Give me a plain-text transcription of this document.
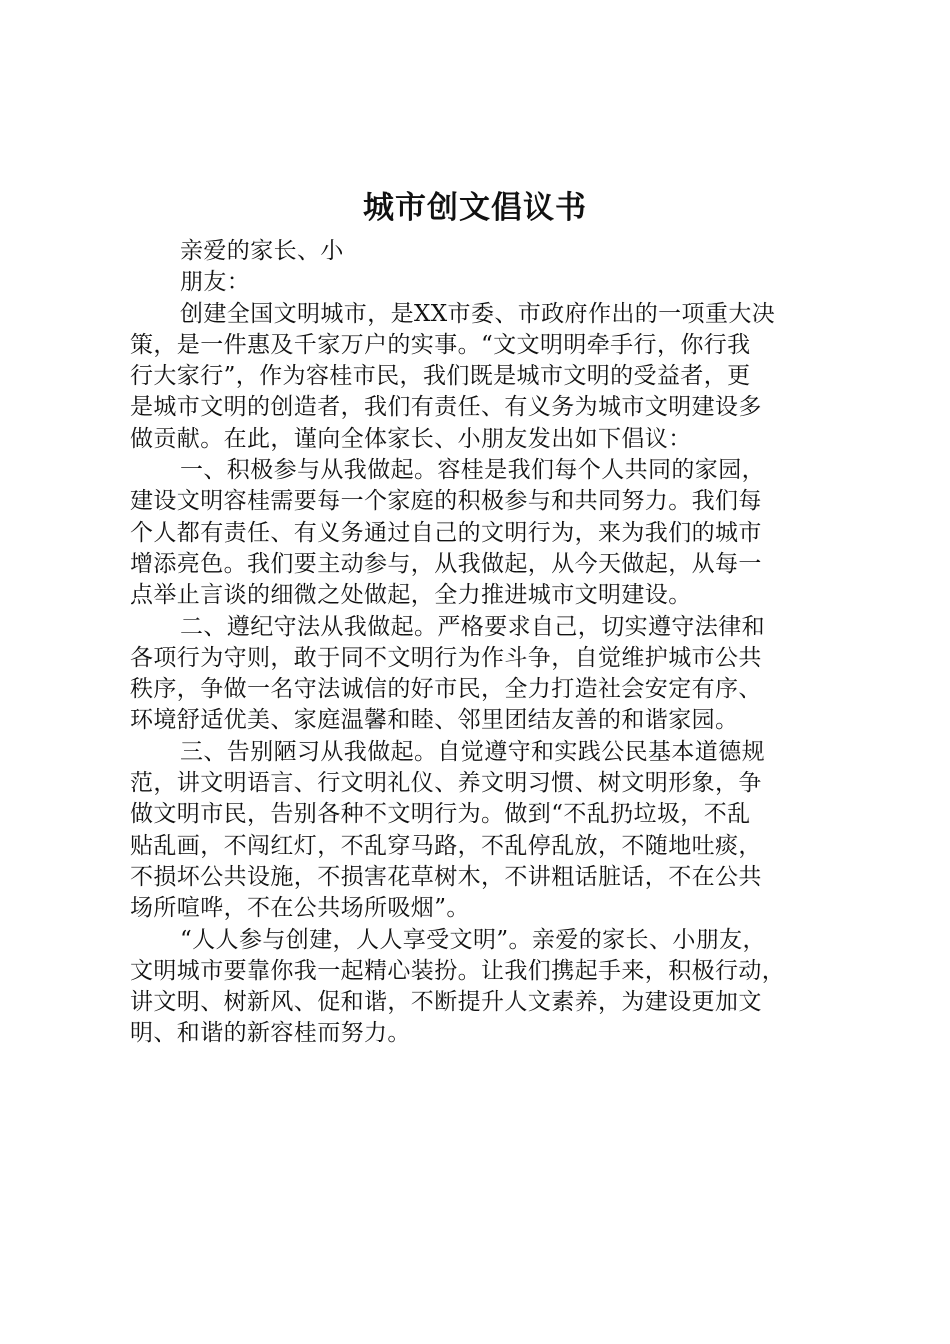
城市创文倡议书
亲爱的家长、小
朋友：
创建全国文明城市，是XX市委、市政府作出的一项重大决
策，是一件惠及千家万户的实事。“文文明明牵手行，你行我
行大家行”，作为容桂市民，我们既是城市文明的受益者，更
是城市文明的创造者，我们有责任、有义务为城市文明建设多
做贡献。在此，谨向全体家长、小朋友发出如下倡议：
一、积极参与从我做起。容桂是我们每个人共同的家园，
建设文明容桂需要每一个家庭的积极参与和共同努力。我们每
个人都有责任、有义务通过自己的文明行为，来为我们的城市
增添亮色。我们要主动参与，从我做起，从今天做起，从每一
点举止言谈的细微之处做起，全力推进城市文明建设。
二、遵纪守法从我做起。严格要求自己，切实遵守法律和
各项行为守则，敢于同不文明行为作斗争，自觉维护城市公共
秩序，争做一名守法诚信的好市民，全力打造社会安定有序、
环境舒适优美、家庭温馨和睦、邻里团结友善的和谐家园。
三、告别陋习从我做起。自觉遵守和实践公民基本道德规
范，讲文明语言、行文明礼仪、养文明习惯、树文明形象，争
做文明市民，告别各种不文明行为。做到“不乱扔垃圾，不乱
贴乱画，不闯红灯，不乱穿马路，不乱停乱放，不随地吐痰，
不损坏公共设施，不损害花草树木，不讲粗话脏话，不在公共
场所喧哗，不在公共场所吸烟”。
“人人参与创建，人人享受文明”。亲爱的家长、小朋友，
文明城市要靠你我一起精心装扮。让我们携起手来，积极行动，
讲文明、树新风、促和谐，不断提升人文素养，为建设更加文
明、和谐的新容桂而努力。
